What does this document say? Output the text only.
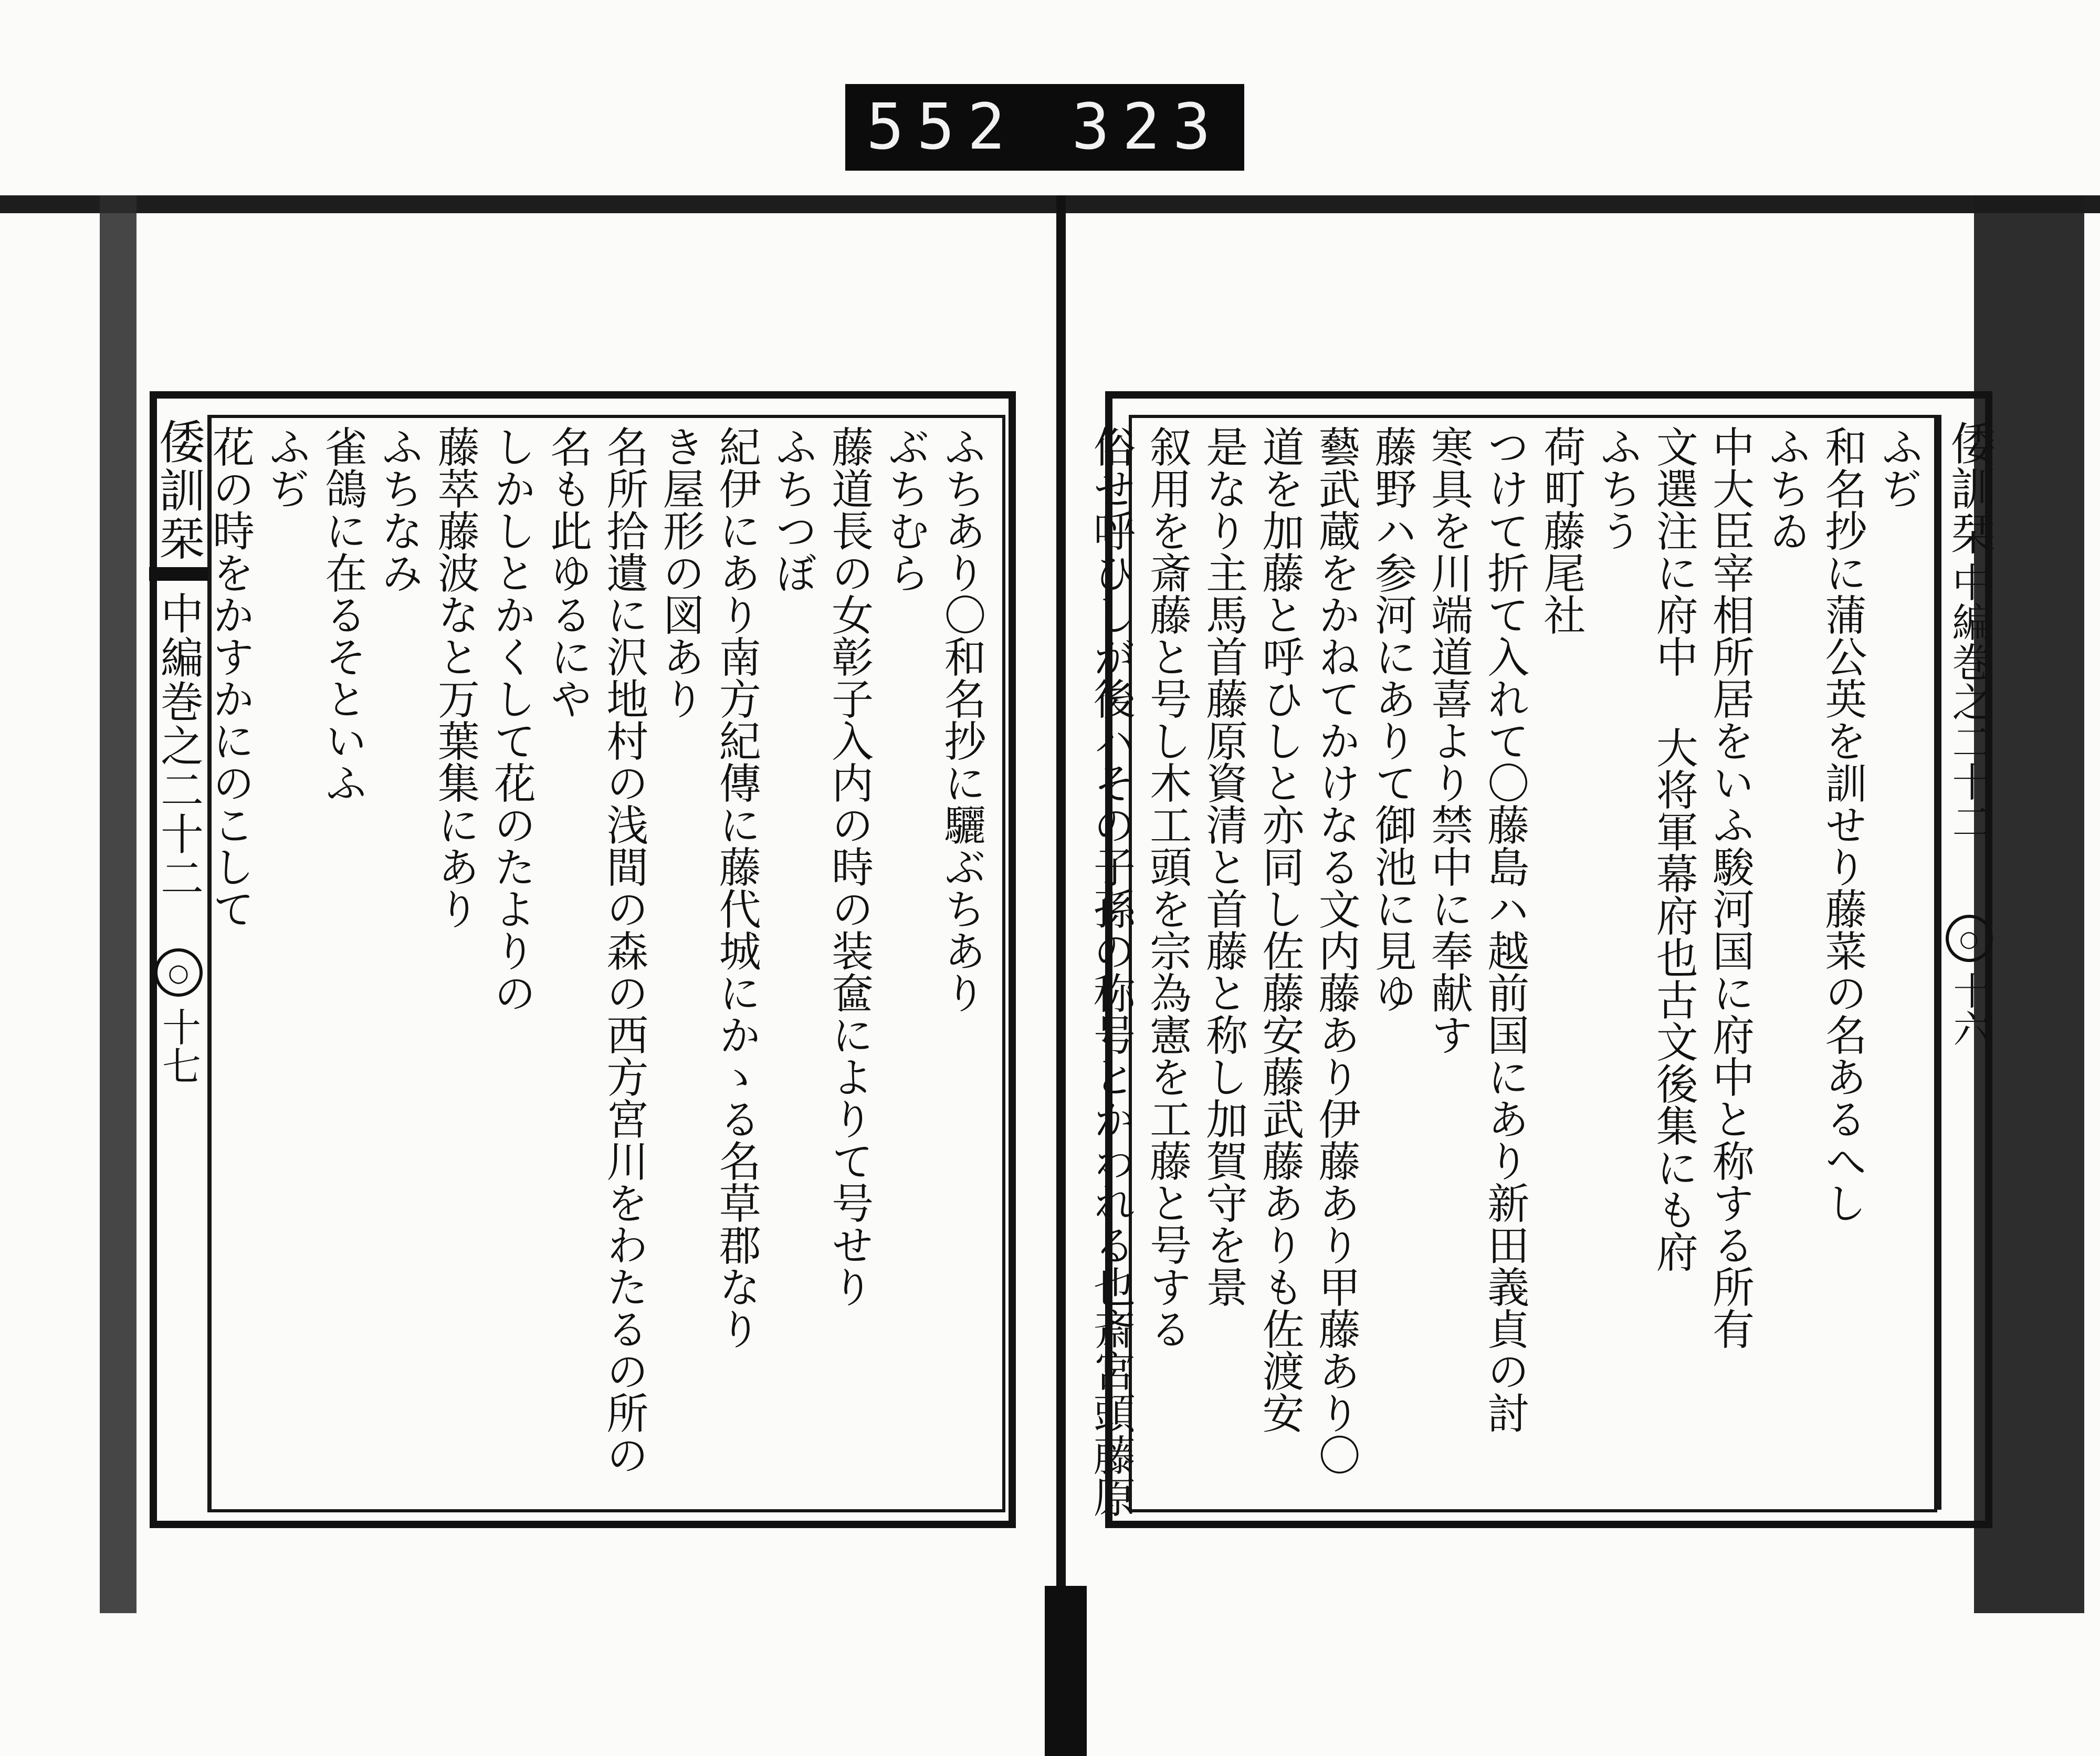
552 323
倭訓栞
中編巻之二十二
○
十七
ふちあり〇和名抄に驪ぶちあり
ぶちむら
藤道長の女彰子入内の時の装奩によりて号せり
ふちつぼ
紀伊にあり南方紀傳に藤代城にかゝる名草郡なり
き屋形の図あり
名所拾遺に沢地村の浅間の森の西方宮川をわたるの所の
名も此ゆるにや
しかしとかくして花のたよりの
藤萃藤波なと万葉集にあり
ふちなみ
雀鴿に在るそといふ
ふぢ
花の時をかすかにのこして	倭訓栞
中編巻之二十二
○
十六
ふぢ
和名抄に蒲公英を訓せり藤菜の名あるへし
ふちゐ
中大臣宰相所居をいふ駿河国に府中と称する所有
文選注に府中 大将軍幕府也古文後集にも府
ふちう
荷町藤尾社
つけて折て入れて〇藤島ハ越前国にあり新田義貞の討
寒具を川端道喜より禁中に奉献す
藤野ハ参河にありて御池に見ゆ
藝武蔵をかねてかけなる文内藤あり伊藤あり甲藤あり〇
道を加藤と呼ひしと亦同し佐藤安藤武藤ありも佐渡安
是なり主馬首藤原資清と首藤と称し加賀守を景
叙用を斎藤と号し木工頭を宗為憲を工藤と号する
俗せ呼ひしが後ハその子孫の称号とかわれる也斎宮頭藤原
